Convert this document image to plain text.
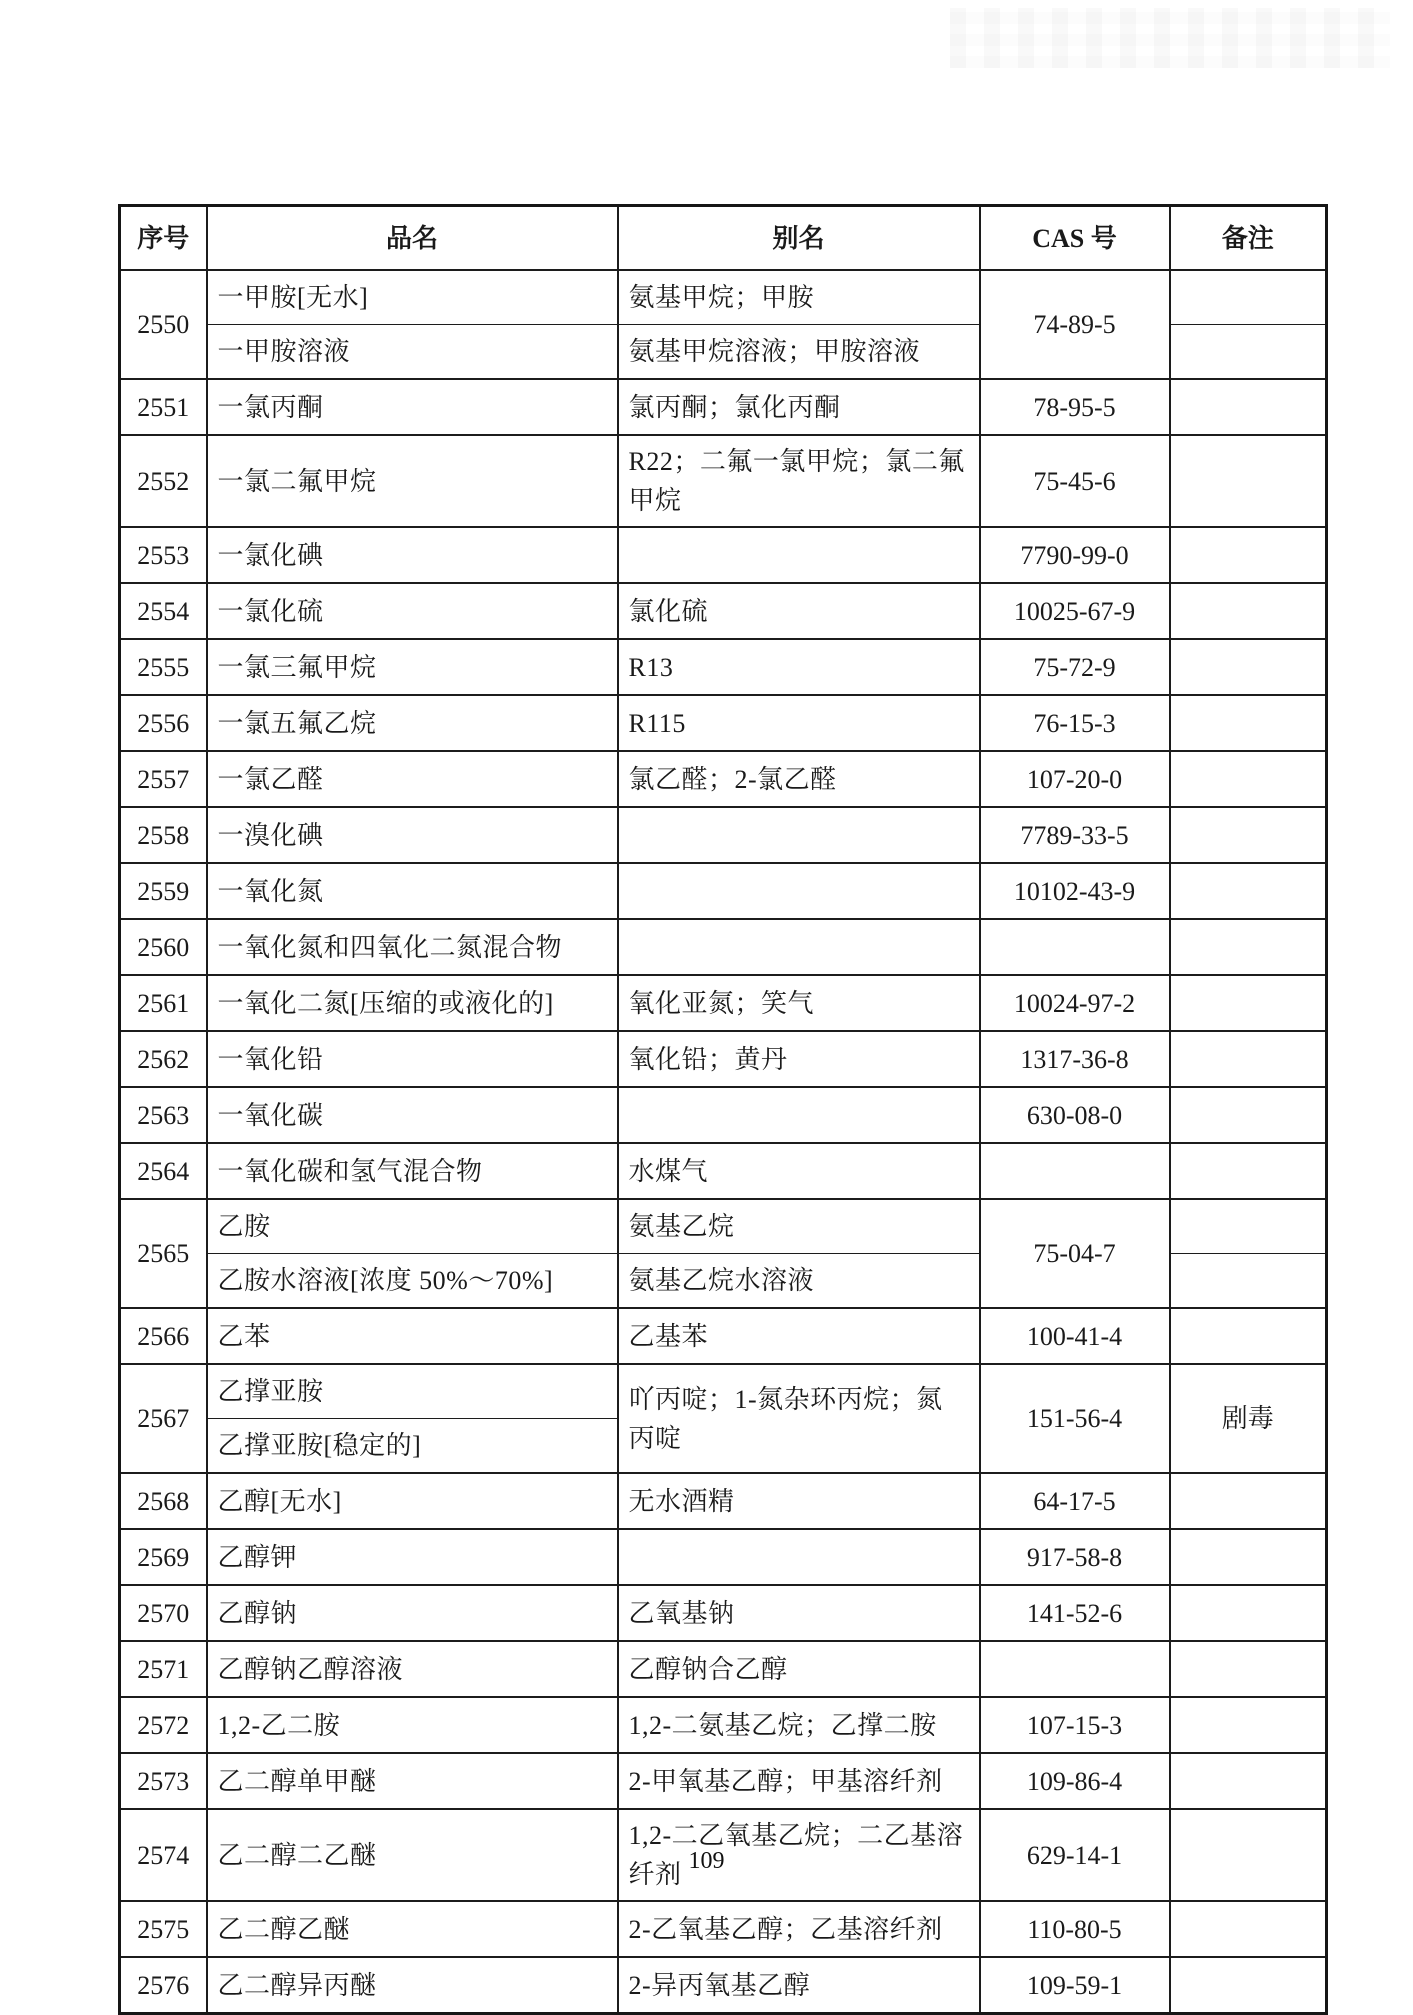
序号	品名	别名	CAS 号	备注
2550	一甲胺[无水]	氨基甲烷；甲胺	74-89-5	
	一甲胺溶液	氨基甲烷溶液；甲胺溶液		
2551	一氯丙酮	氯丙酮；氯化丙酮	78-95-5	
2552	一氯二氟甲烷	R22；二氟一氯甲烷；氯二氟甲烷	75-45-6	
2553	一氯化碘		7790-99-0	
2554	一氯化硫	氯化硫	10025-67-9	
2555	一氯三氟甲烷	R13	75-72-9	
2556	一氯五氟乙烷	R115	76-15-3	
2557	一氯乙醛	氯乙醛；2-氯乙醛	107-20-0	
2558	一溴化碘		7789-33-5	
2559	一氧化氮		10102-43-9	
2560	一氧化氮和四氧化二氮混合物			
2561	一氧化二氮[压缩的或液化的]	氧化亚氮；笑气	10024-97-2	
2562	一氧化铅	氧化铅；黄丹	1317-36-8	
2563	一氧化碳		630-08-0	
2564	一氧化碳和氢气混合物	水煤气		
2565	乙胺	氨基乙烷	75-04-7	
	乙胺水溶液[浓度 50%～70%]	氨基乙烷水溶液		
2566	乙苯	乙基苯	100-41-4	
2567	乙撑亚胺	吖丙啶；1-氮杂环丙烷；氮丙啶	151-56-4	剧毒
	乙撑亚胺[稳定的]			
2568	乙醇[无水]	无水酒精	64-17-5	
2569	乙醇钾		917-58-8	
2570	乙醇钠	乙氧基钠	141-52-6	
2571	乙醇钠乙醇溶液	乙醇钠合乙醇		
2572	1,2-乙二胺	1,2-二氨基乙烷；乙撑二胺	107-15-3	
2573	乙二醇单甲醚	2-甲氧基乙醇；甲基溶纤剂	109-86-4	
2574	乙二醇二乙醚	1,2-二乙氧基乙烷；二乙基溶纤剂	629-14-1	
2575	乙二醇乙醚	2-乙氧基乙醇；乙基溶纤剂	110-80-5	
2576	乙二醇异丙醚	2-异丙氧基乙醇	109-59-1	
109
